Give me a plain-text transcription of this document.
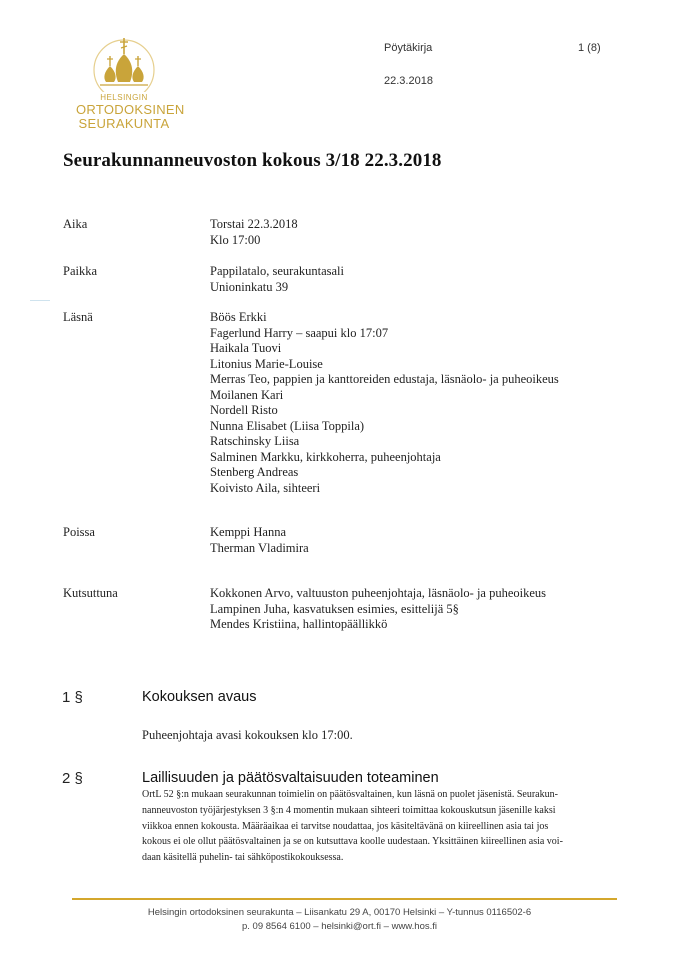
HELSINGIN
ORTODOKSINEN
SEURAKUNTA
Pöytäkirja	1 (8)
22.3.2018
Seurakunnanneuvoston kokous 3/18 22.3.2018
Aika	Torstai 22.3.2018
Klo 17:00
Paikka	Pappilatalo, seurakuntasali
Unioninkatu 39
Läsnä	Böös Erkki
Fagerlund Harry – saapui klo 17:07
Haikala Tuovi
Litonius Marie-Louise
Merras Teo, pappien ja kanttoreiden edustaja, läsnäolo- ja puheoikeus
Moilanen Kari
Nordell Risto
Nunna Elisabet (Liisa Toppila)
Ratschinsky Liisa
Salminen Markku, kirkkoherra, puheenjohtaja
Stenberg Andreas
Koivisto Aila, sihteeri
Poissa	Kemppi Hanna
Therman Vladimira
Kutsuttuna	Kokkonen Arvo, valtuuston puheenjohtaja, läsnäolo- ja puheoikeus
Lampinen Juha, kasvatuksen esimies, esittelijä 5§
Mendes Kristiina, hallintopäällikkö
1 §	Kokouksen avaus
Puheenjohtaja avasi kokouksen klo 17:00.
2 §	Laillisuuden ja päätösvaltaisuuden toteaminen
OrtL 52 §:n mukaan seurakunnan toimielin on päätösvaltainen, kun läsnä on puolet jäsenistä. Seurakun-
nanneuvoston työjärjestyksen 3 §:n 4 momentin mukaan sihteeri toimittaa kokouskutsun jäsenille kaksi
viikkoa ennen kokousta. Määräaikaa ei tarvitse noudattaa, jos käsiteltävänä on kiireellinen asia tai jos
kokous ei ole ollut päätösvaltainen ja se on kutsuttava koolle uudestaan. Yksittäinen kiireellinen asia voi-
daan käsitellä puhelin- tai sähköpostikokouksessa.
Helsingin ortodoksinen seurakunta – Liisankatu 29 A, 00170 Helsinki – Y-tunnus 0116502-6
p. 09 8564 6100 – helsinki@ort.fi – www.hos.fi
